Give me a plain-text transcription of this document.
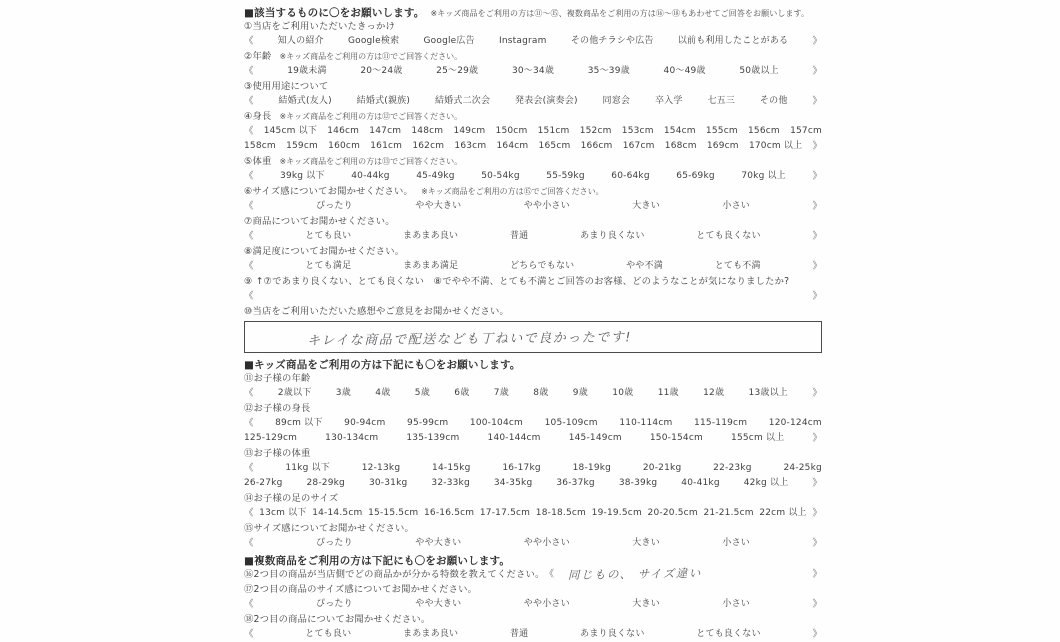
■該当するものに〇をお願いします。 ※キッズ商品をご利用の方は⑪〜⑮、複数商品をご利用の方は⑯〜⑱もあわせてご回答をお願いします。
①当店をご利用いただいたきっかけ
《	知人の紹介	Google検索	Google広告	Instagram	その他チラシや広告	以前も利用したことがある	》
②年齢 ※キッズ商品をご利用の方は⑪でご回答ください。
《	19歳未満	20〜24歳	25〜29歳	30〜34歳	35〜39歳	40〜49歳	50歳以上	》
③使用用途について
《	結婚式(友人)	結婚式(親族)	結婚式二次会	発表会(演奏会)	同窓会	卒入学	七五三	その他	》
④身長 ※キッズ商品をご利用の方は⑫でご回答ください。
《 145cm 以下 146cm 147cm 148cm 149cm 150cm 151cm 152cm 153cm 154cm 155cm 156cm 157cm
158cm 159cm 160cm 161cm 162cm 163cm 164cm 165cm 166cm 167cm 168cm 169cm 170cm 以上 》
⑤体重 ※キッズ商品をご利用の方は⑬でご回答ください。
《	39kg 以下	40-44kg	45-49kg	50-54kg	55-59kg	60-64kg	65-69kg	70kg 以上	》
⑥サイズ感についてお聞かせください。 ※キッズ商品をご利用の方は⑮でご回答ください。
《	ぴったり	やや大きい	やや小さい	大きい	小さい	》
⑦商品についてお聞かせください。
《	とても良い	まあまあ良い	普通	あまり良くない	とても良くない	》
⑧満足度についてお聞かせください。
《	とても満足	まあまあ満足	どちらでもない	やや不満	とても不満	》
⑨ ↑⑦であまり良くない、とても良くない　⑧でやや不満、とても不満とご回答のお客様、どのようなことが気になりましたか?
《	》
⑩当店をご利用いただいた感想やご意見をお聞かせください。
キレイな商品で配送なども丁ねいで良かったです!
■キッズ商品をご利用の方は下記にも〇をお願いします。
⑪お子様の年齢
《	2歳以下	3歳	4歳	5歳	6歳	7歳	8歳	9歳	10歳	11歳	12歳	13歳以上	》
⑫お子様の身長
《 89cm 以下 90-94cm 95-99cm 100-104cm 105-109cm 110-114cm 115-119cm 120-124cm
125-129cm	130-134cm	135-139cm	140-144cm	145-149cm	150-154cm	155cm 以上	》
⑬お子様の体重
《	11kg 以下	12-13kg	14-15kg	16-17kg	18-19kg	20-21kg	22-23kg	24-25kg
26-27kg	28-29kg	30-31kg	32-33kg	34-35kg	36-37kg	38-39kg	40-41kg	42kg 以上	》
⑭お子様の足のサイズ
《 13cm 以下 14-14.5cm 15-15.5cm 16-16.5cm 17-17.5cm 18-18.5cm 19-19.5cm 20-20.5cm 21-21.5cm 22cm 以上 》
⑮サイズ感についてお聞かせください。
《	ぴったり	やや大きい	やや小さい	大きい	小さい	》
■複数商品をご利用の方は下記にも〇をお願いします。
⑯2つ目の商品が当店側でどの商品かが分かる特徴を教えてください。 《 同じもの、 サイズ違い	》
⑰2つ目の商品のサイズ感についてお聞かせください。
《	ぴったり	やや大きい	やや小さい	大きい	小さい	》
⑱2つ目の商品についてお聞かせください。
《	とても良い	まあまあ良い	普通	あまり良くない	とても良くない	》
